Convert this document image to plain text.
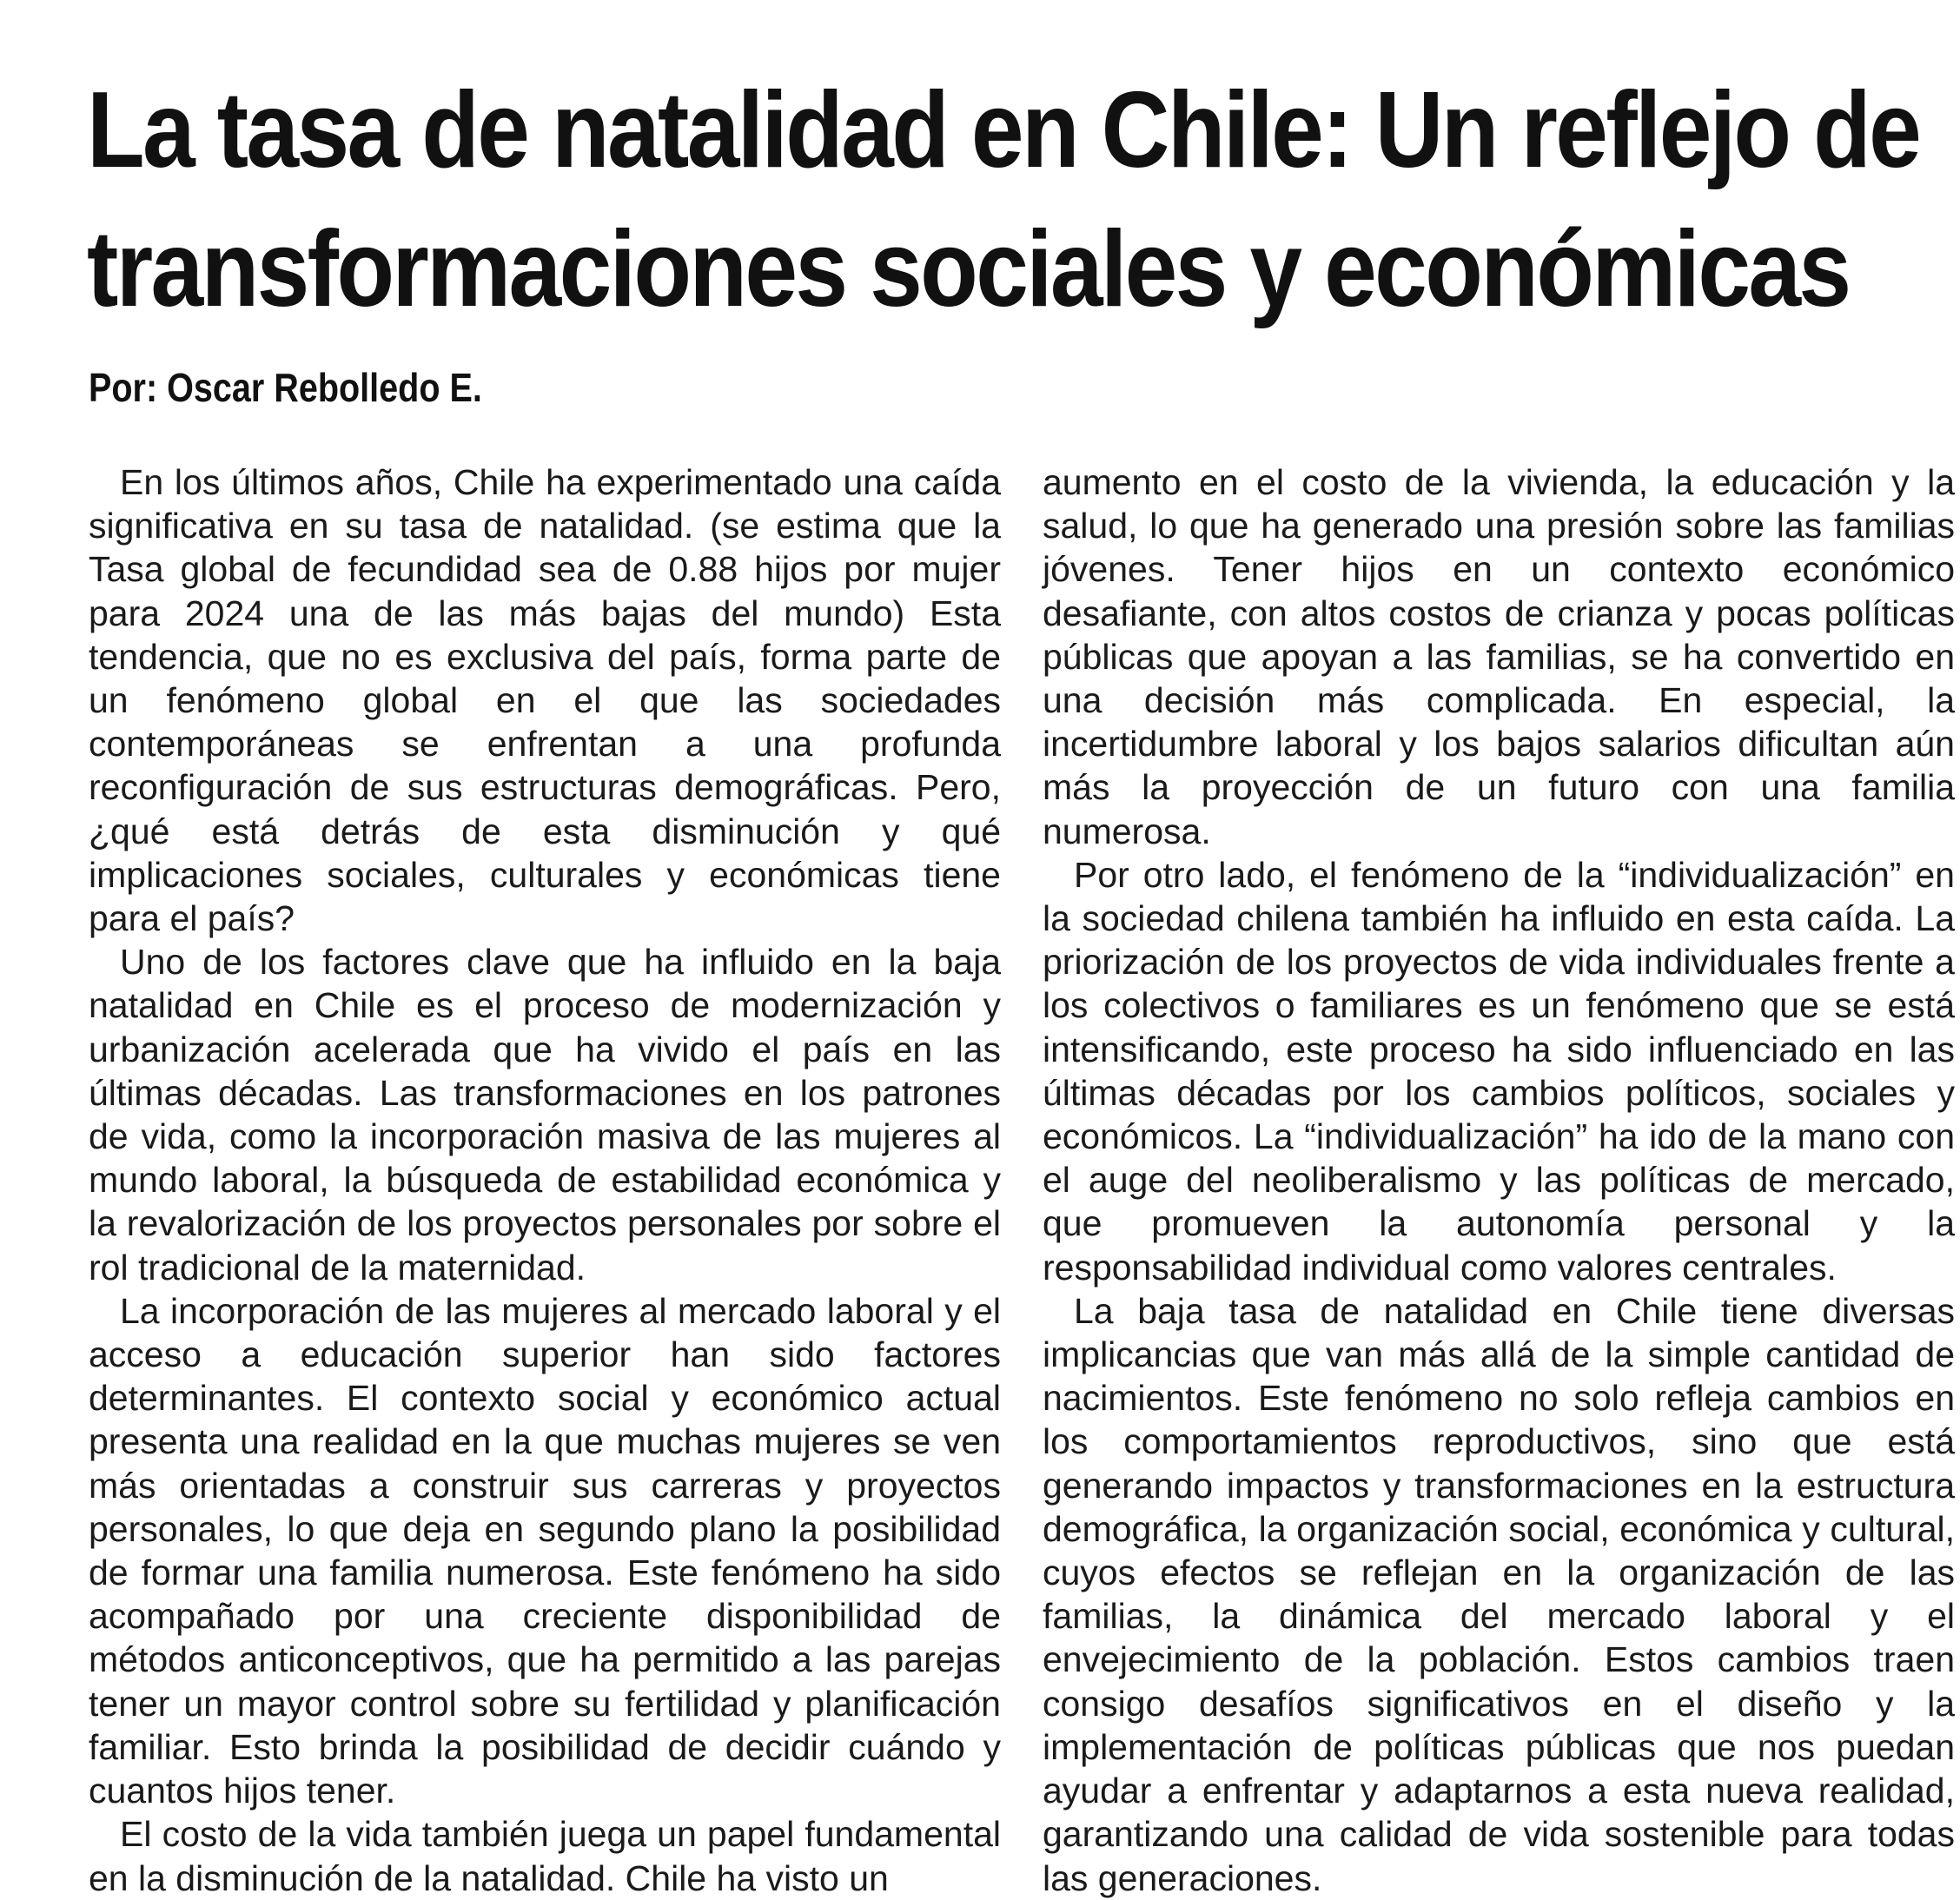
La tasa de natalidad en Chile: Un reflejo de
transformaciones sociales y económicas

Por: Oscar Rebolledo E.

En los últimos años, Chile ha experimentado una caída significativa en su tasa de natalidad. (se estima que la Tasa global de fecundidad sea de 0.88 hijos por mujer para 2024 una de las más bajas del mundo) Esta tendencia, que no es exclusiva del país, forma parte de un fenómeno global en el que las sociedades contemporáneas se enfrentan a una profunda reconfiguración de sus estructuras demográficas. Pero, ¿qué está detrás de esta disminución y qué implicaciones sociales, culturales y económicas tiene para el país?

Uno de los factores clave que ha influido en la baja natalidad en Chile es el proceso de modernización y urbanización acelerada que ha vivido el país en las últimas décadas. Las transformaciones en los patrones de vida, como la incorporación masiva de las mujeres al mundo laboral, la búsqueda de estabilidad económica y la revalorización de los proyectos personales por sobre el rol tradicional de la maternidad.

La incorporación de las mujeres al mercado laboral y el acceso a educación superior han sido factores determinantes. El contexto social y económico actual presenta una realidad en la que muchas mujeres se ven más orientadas a construir sus carreras y proyectos personales, lo que deja en segundo plano la posibilidad de formar una familia numerosa. Este fenómeno ha sido acompañado por una creciente disponibilidad de métodos anticonceptivos, que ha permitido a las parejas tener un mayor control sobre su fertilidad y planificación familiar. Esto brinda la posibilidad de decidir cuándo y cuantos hijos tener.

El costo de la vida también juega un papel fundamental en la disminución de la natalidad. Chile ha visto un

aumento en el costo de la vivienda, la educación y la salud, lo que ha generado una presión sobre las familias jóvenes. Tener hijos en un contexto económico desafiante, con altos costos de crianza y pocas políticas públicas que apoyan a las familias, se ha convertido en una decisión más complicada. En especial, la incertidumbre laboral y los bajos salarios dificultan aún más la proyección de un futuro con una familia numerosa.

Por otro lado, el fenómeno de la “individualización” en la sociedad chilena también ha influido en esta caída. La priorización de los proyectos de vida individuales frente a los colectivos o familiares es un fenómeno que se está intensificando, este proceso ha sido influenciado en las últimas décadas por los cambios políticos, sociales y económicos. La “individualización” ha ido de la mano con el auge del neoliberalismo y las políticas de mercado, que promueven la autonomía personal y la responsabilidad individual como valores centrales.

La baja tasa de natalidad en Chile tiene diversas implicancias que van más allá de la simple cantidad de nacimientos. Este fenómeno no solo refleja cambios en los comportamientos reproductivos, sino que está generando impactos y transformaciones en la estructura demográfica, la organización social, económica y cultural, cuyos efectos se reflejan en la organización de las familias, la dinámica del mercado laboral y el envejecimiento de la población. Estos cambios traen consigo desafíos significativos en el diseño y la implementación de políticas públicas que nos puedan ayudar a enfrentar y adaptarnos a esta nueva realidad, garantizando una calidad de vida sostenible para todas las generaciones.
